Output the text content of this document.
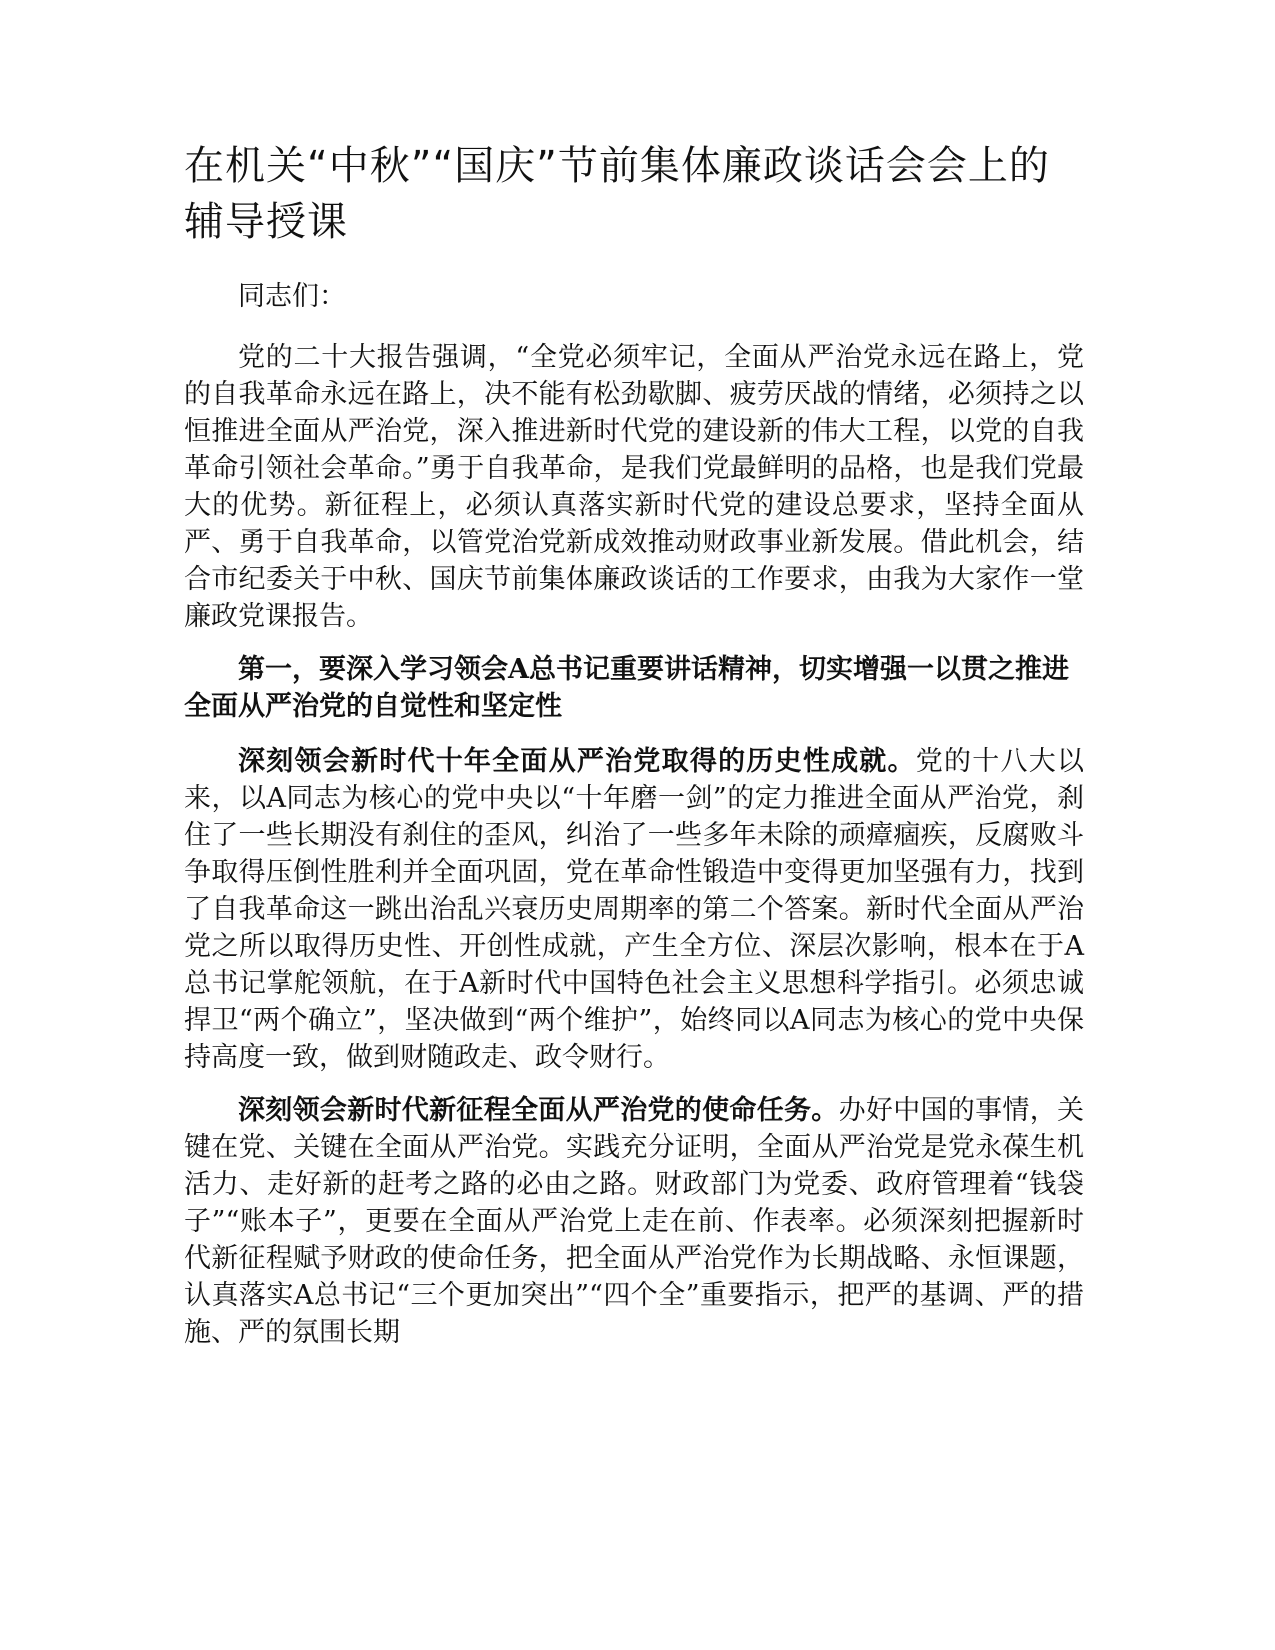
在机关“中秋”“国庆”节前集体廉政谈话会会上的辅导授课

同志们：

党的二十大报告强调，“全党必须牢记，全面从严治党永远在路上，党的自我革命永远在路上，决不能有松劲歇脚、疲劳厌战的情绪，必须持之以恒推进全面从严治党，深入推进新时代党的建设新的伟大工程，以党的自我革命引领社会革命。”勇于自我革命，是我们党最鲜明的品格，也是我们党最大的优势。新征程上，必须认真落实新时代党的建设总要求，坚持全面从严、勇于自我革命，以管党治党新成效推动财政事业新发展。借此机会，结合市纪委关于中秋、国庆节前集体廉政谈话的工作要求，由我为大家作一堂廉政党课报告。

第一，要深入学习领会A总书记重要讲话精神，切实增强一以贯之推进全面从严治党的自觉性和坚定性

深刻领会新时代十年全面从严治党取得的历史性成就。党的十八大以来，以A同志为核心的党中央以“十年磨一剑”的定力推进全面从严治党，刹住了一些长期没有刹住的歪风，纠治了一些多年未除的顽瘴痼疾，反腐败斗争取得压倒性胜利并全面巩固，党在革命性锻造中变得更加坚强有力，找到了自我革命这一跳出治乱兴衰历史周期率的第二个答案。新时代全面从严治党之所以取得历史性、开创性成就，产生全方位、深层次影响，根本在于A总书记掌舵领航，在于A新时代中国特色社会主义思想科学指引。必须忠诚捍卫“两个确立”，坚决做到“两个维护”，始终同以A同志为核心的党中央保持高度一致，做到财随政走、政令财行。

深刻领会新时代新征程全面从严治党的使命任务。办好中国的事情，关键在党、关键在全面从严治党。实践充分证明，全面从严治党是党永葆生机活力、走好新的赶考之路的必由之路。财政部门为党委、政府管理着“钱袋子”“账本子”，更要在全面从严治党上走在前、作表率。必须深刻把握新时代新征程赋予财政的使命任务，把全面从严治党作为长期战略、永恒课题，认真落实A总书记“三个更加突出”“四个全”重要指示，把严的基调、严的措施、严的氛围长期
